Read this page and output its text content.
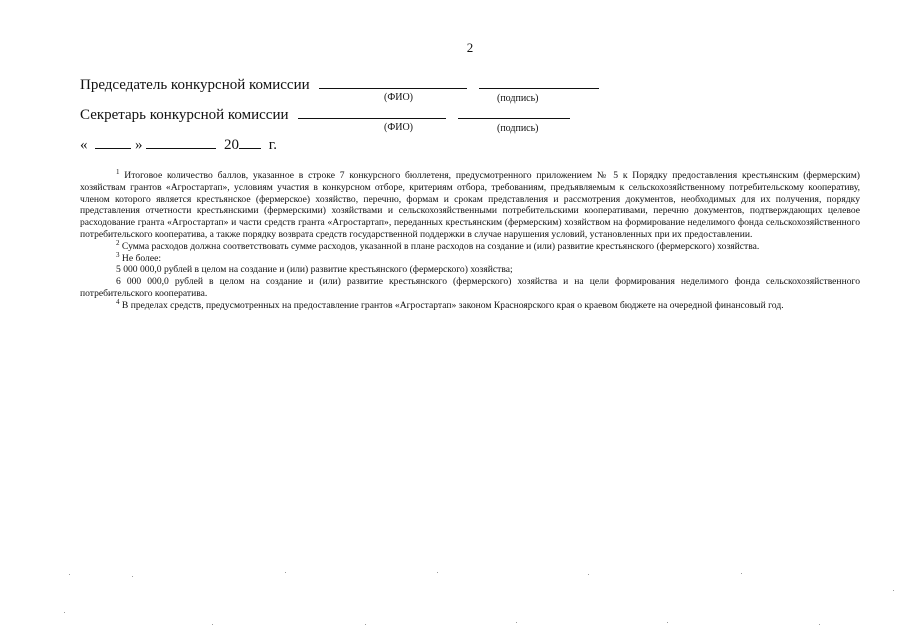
2
Председатель конкурсной комиссии
(ФИО)	(подпись)
Секретарь конкурсной комиссии
(ФИО)	(подпись)
«	»	20 г.

$^1$ Итоговое количество баллов, указанное в строке 7 конкурсного бюллетеня, предусмотренного приложением № 5 к Порядку предоставления крестьянским (фермерским) хозяйствам грантов «Агростартап», условиям участия в конкурсном отборе, критериям отбора, требованиям, предъявляемым к сельскохозяйственному потребительскому кооперативу, членом которого является крестьянское (фермерское) хозяйство, перечню, формам и срокам представления и рассмотрения документов, необходимых для их получения, порядку представления отчетности крестьянскими (фермерскими) хозяйствами и сельскохозяйственными потребительскими кооперативами, перечню документов, подтверждающих целевое расходование гранта «Агростартап» и части средств гранта «Агростартап», переданных крестьянским (фермерским) хозяйством на формирование неделимого фонда сельскохозяйственного потребительского кооператива, а также порядку возврата средств государственной поддержки в случае нарушения условий, установленных при их предоставлении.

$^2$ Сумма расходов должна соответствовать сумме расходов, указанной в плане расходов на создание и (или) развитие крестьянского (фермерского) хозяйства.

$^3$ Не более:

5 000 000,0 рублей в целом на создание и (или) развитие крестьянского (фермерского) хозяйства;

6 000 000,0 рублей в целом на создание и (или) развитие крестьянского (фермерского) хозяйства и на цели формирования неделимого фонда сельскохозяйственного потребительского кооператива.

$^4$ В пределах средств, предусмотренных на предоставление грантов «Агростартап» законом Красноярского края о краевом бюджете на очередной финансовый год.
